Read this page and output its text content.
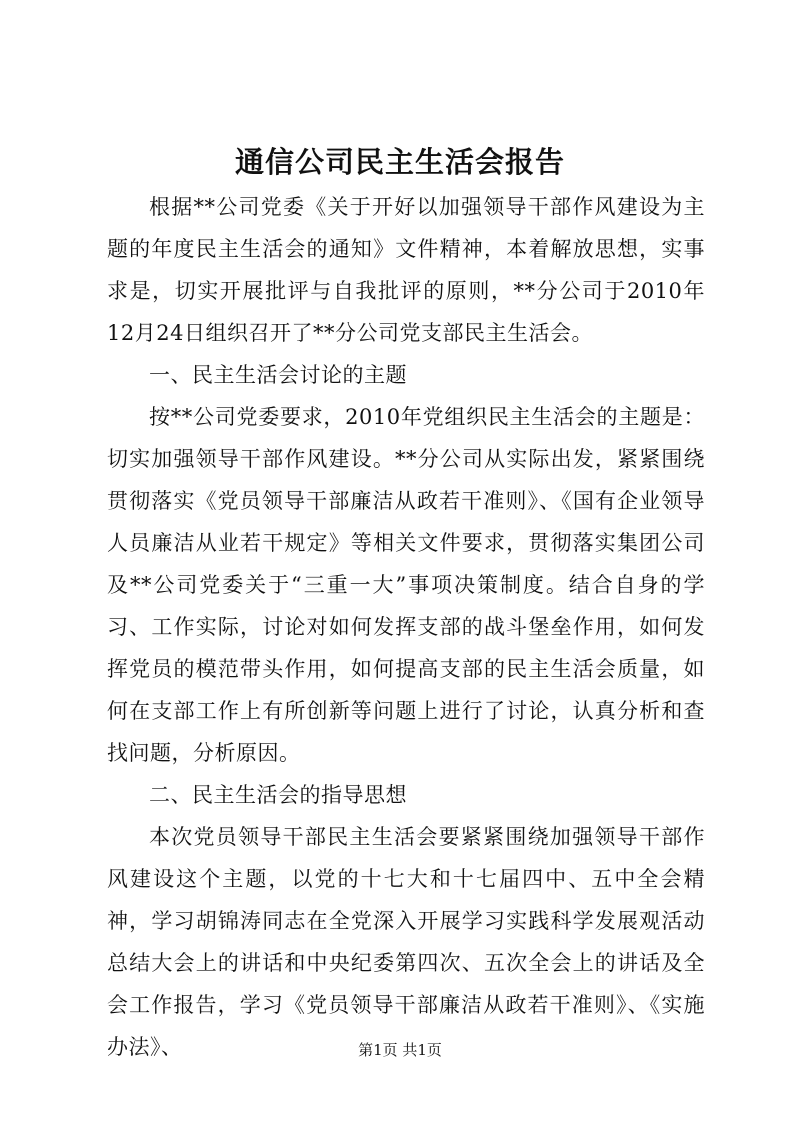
通信公司民主生活会报告

根据**公司党委《关于开好以加强领导干部作风建设为主题的年度民主生活会的通知》文件精神，本着解放思想，实事求是，切实开展批评与自我批评的原则，**分公司于2010年12月24日组织召开了**分公司党支部民主生活会。

一、民主生活会讨论的主题

按**公司党委要求，2010年党组织民主生活会的主题是：切实加强领导干部作风建设。**分公司从实际出发，紧紧围绕贯彻落实《党员领导干部廉洁从政若干准则》、《国有企业领导人员廉洁从业若干规定》等相关文件要求，贯彻落实集团公司及**公司党委关于“三重一大”事项决策制度。结合自身的学习、工作实际，讨论对如何发挥支部的战斗堡垒作用，如何发挥党员的模范带头作用，如何提高支部的民主生活会质量，如何在支部工作上有所创新等问题上进行了讨论，认真分析和查找问题，分析原因。

二、民主生活会的指导思想

本次党员领导干部民主生活会要紧紧围绕加强领导干部作风建设这个主题，以党的十七大和十七届四中、五中全会精神，学习胡锦涛同志在全党深入开展学习实践科学发展观活动总结大会上的讲话和中央纪委第四次、五次全会上的讲话及全会工作报告，学习《党员领导干部廉洁从政若干准则》、《实施办法》、	第1页 共1页
